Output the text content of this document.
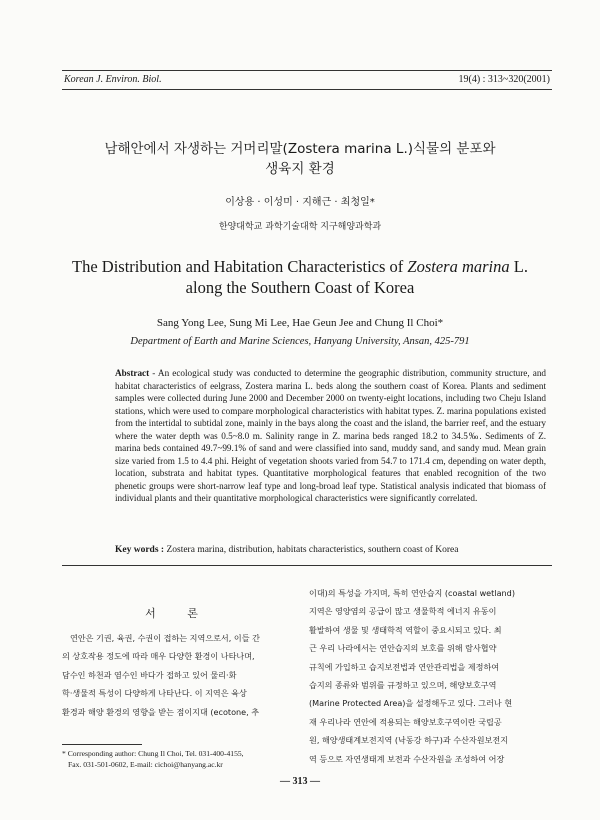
Korean J. Environ. Biol.	19(4) : 313~320(2001)
남해안에서 자생하는 거머리말(Zostera marina L.)식물의 분포와
생육지 환경
이상용 · 이성미 · 지해근 · 최청일*
한양대학교 과학기술대학 지구해양과학과
The Distribution and Habitation Characteristics of Zostera marina L.
along the Southern Coast of Korea
Sang Yong Lee, Sung Mi Lee, Hae Geun Jee and Chung Il Choi*
Department of Earth and Marine Sciences, Hanyang University, Ansan, 425-791
Abstract - An ecological study was conducted to determine the geographic distribution, community structure, and habitat characteristics of eelgrass, Zostera marina L. beds along the southern coast of Korea. Plants and sediment samples were collected during June 2000 and December 2000 on twenty-eight locations, including two Cheju Island stations, which were used to compare morphological characteristics with habitat types. Z. marina populations existed from the intertidal to subtidal zone, mainly in the bays along the coast and the island, the barrier reef, and the estuary where the water depth was 0.5~8.0 m. Salinity range in Z. marina beds ranged 18.2 to 34.5‰. Sediments of Z. marina beds contained 49.7~99.1% of sand and were classified into sand, muddy sand, and sandy mud. Mean grain size varied from 1.5 to 4.4 phi. Height of vegetation shoots varied from 54.7 to 171.4 cm, depending on water depth, location, substrata and habitat types. Quantitative morphological features that enabled recognition of the two phenetic groups were short-narrow leaf type and long-broad leaf type. Statistical analysis indicated that biomass of individual plants and their quantitative morphological characteristics were significantly correlated.
Key words : Zostera marina, distribution, habitats characteristics, southern coast of Korea
서 론
연안은 기권, 육권, 수권이 접하는 지역으로서, 이들 간
의 상호작용 정도에 따라 매우 다양한 환경이 나타나며,
담수인 하천과 염수인 바다가 접하고 있어 물리·화
학·생물적 특성이 다양하게 나타난다. 이 지역은 육상
환경과 해양 환경의 영향을 받는 점이지대 (ecotone, 추
이대)의 특성을 가지며, 특히 연안습지 (coastal wetland)
지역은 영양염의 공급이 많고 생물학적 에너지 유동이
활발하여 생물 및 생태학적 역할이 중요시되고 있다. 최
근 우리 나라에서는 연안습지의 보호를 위해 람사협약
규칙에 가입하고 습지보전법과 연안관리법을 제정하여
습지의 종류와 범위를 규정하고 있으며, 해양보호구역
(Marine Protected Area)을 설정해두고 있다. 그러나 현
재 우리나라 연안에 적용되는 해양보호구역이란 국립공
원, 해양생태계보전지역 (낙동강 하구)과 수산자원보전지
역 등으로 자연생태계 보전과 수산자원을 조성하여 어장
* Corresponding author: Chung Il Choi, Tel. 031-400-4155,
Fax. 031-501-0602, E-mail: cichoi@hanyang.ac.kr
— 313 —
